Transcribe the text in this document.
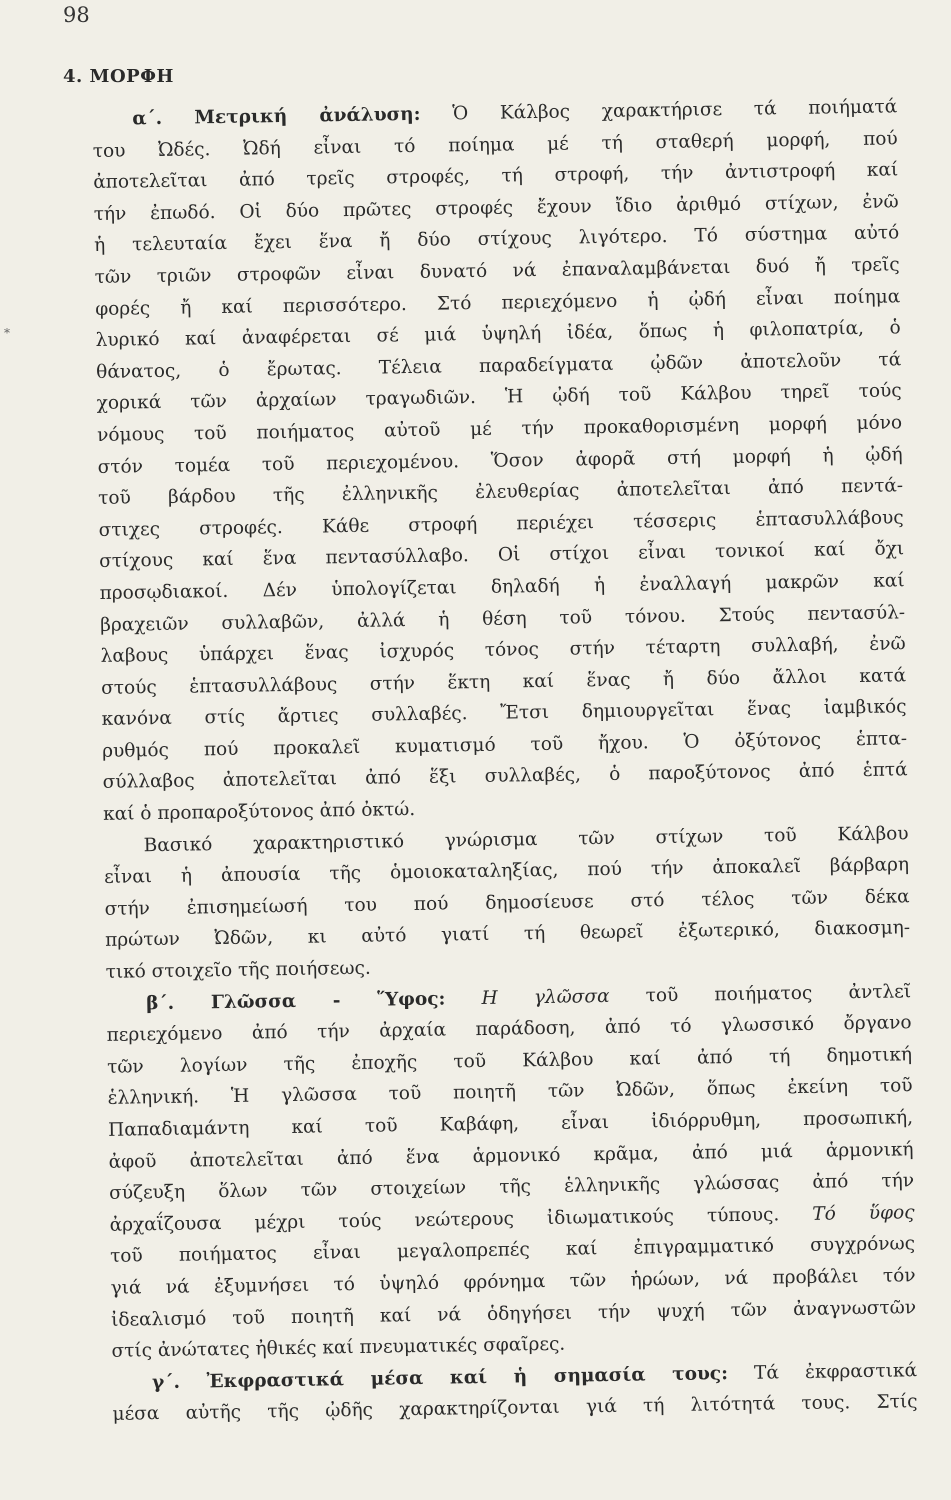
98
4. ΜΟΡΦΗ
*
α΄. Μετρική ἀνάλυση: Ὁ Κάλβος χαρακτήρισε τά ποιήματά
του Ὠδές. Ὠδή εἶναι τό ποίημα μέ τή σταθερή μορφή, πού
ἀποτελεῖται ἀπό τρεῖς στροφές, τή στροφή, τήν ἀντιστροφή καί
τήν ἐπωδό. Οἱ δύο πρῶτες στροφές ἔχουν ἴδιο ἀριθμό στίχων, ἐνῶ
ἡ τελευταία ἔχει ἕνα ἤ δύο στίχους λιγότερο. Τό σύστημα αὐτό
τῶν τριῶν στροφῶν εἶναι δυνατό νά ἐπαναλαμβάνεται δυό ἤ τρεῖς
φορές ἤ καί περισσότερο. Στό περιεχόμενο ἡ ᾠδή εἶναι ποίημα
λυρικό καί ἀναφέρεται σέ μιά ὑψηλή ἰδέα, ὅπως ἡ φιλοπατρία, ὁ
θάνατος, ὁ ἔρωτας. Τέλεια παραδείγματα ᾠδῶν ἀποτελοῦν τά
χορικά τῶν ἀρχαίων τραγωδιῶν. Ἡ ᾠδή τοῦ Κάλβου τηρεῖ τούς
νόμους τοῦ ποιήματος αὐτοῦ μέ τήν προκαθορισμένη μορφή μόνο
στόν τομέα τοῦ περιεχομένου. Ὅσον ἀφορᾶ στή μορφή ἡ ᾠδή
τοῦ βάρδου τῆς ἐλληνικῆς ἐλευθερίας ἀποτελεῖται ἀπό πεντά-
στιχες στροφές. Κάθε στροφή περιέχει τέσσερις ἑπτασυλλάβους
στίχους καί ἕνα πεντασύλλαβο. Οἱ στίχοι εἶναι τονικοί καί ὄχι
προσῳδιακοί. Δέν ὑπολογίζεται δηλαδή ἡ ἐναλλαγή μακρῶν καί
βραχειῶν συλλαβῶν, ἀλλά ἡ θέση τοῦ τόνου. Στούς πεντασύλ-
λαβους ὑπάρχει ἕνας ἰσχυρός τόνος στήν τέταρτη συλλαβή, ἐνῶ
στούς ἑπτασυλλάβους στήν ἕκτη καί ἕνας ἤ δύο ἄλλοι κατά
κανόνα στίς ἄρτιες συλλαβές. Ἔτσι δημιουργεῖται ἕνας ἰαμβικός
ρυθμός πού προκαλεῖ κυματισμό τοῦ ἤχου. Ὁ ὀξύτονος ἑπτα-
σύλλαβος ἀποτελεῖται ἀπό ἕξι συλλαβές, ὁ παροξύτονος ἀπό ἑπτά
καί ὁ προπαροξύτονος ἀπό ὀκτώ.
Βασικό χαρακτηριστικό γνώρισμα τῶν στίχων τοῦ Κάλβου
εἶναι ἡ ἀπουσία τῆς ὁμοιοκαταληξίας, πού τήν ἀποκαλεῖ βάρβαρη
στήν ἐπισημείωσή του πού δημοσίευσε στό τέλος τῶν δέκα
πρώτων Ὠδῶν, κι αὐτό γιατί τή θεωρεῖ ἐξωτερικό, διακοσμη-
τικό στοιχεῖο τῆς ποιήσεως.
β΄. Γλῶσσα - Ὕφος: Η γλῶσσα τοῦ ποιήματος ἀντλεῖ
περιεχόμενο ἀπό τήν ἀρχαία παράδοση, ἀπό τό γλωσσικό ὄργανο
τῶν λογίων τῆς ἐποχῆς τοῦ Κάλβου καί ἀπό τή δημοτική
ἑλληνική. Ἡ γλῶσσα τοῦ ποιητῆ τῶν Ὠδῶν, ὅπως ἐκείνη τοῦ
Παπαδιαμάντη καί τοῦ Καβάφη, εἶναι ἰδιόρρυθμη, προσωπική,
ἀφοῦ ἀποτελεῖται ἀπό ἕνα ἁρμονικό κρᾶμα, ἀπό μιά ἁρμονική
σύζευξη ὅλων τῶν στοιχείων τῆς ἑλληνικῆς γλώσσας ἀπό τήν
ἀρχαΐζουσα μέχρι τούς νεώτερους ἰδιωματικούς τύπους. Τό ὕφος
τοῦ ποιήματος εἶναι μεγαλοπρεπές καί ἐπιγραμματικό συγχρόνως
γιά νά ἐξυμνήσει τό ὑψηλό φρόνημα τῶν ἡρώων, νά προβάλει τόν
ἰδεαλισμό τοῦ ποιητῆ καί νά ὁδηγήσει τήν ψυχή τῶν ἀναγνωστῶν
στίς ἀνώτατες ἠθικές καί πνευματικές σφαῖρες.
γ΄. Ἐκφραστικά μέσα καί ἡ σημασία τους: Τά ἐκφραστικά
μέσα αὐτῆς τῆς ᾠδῆς χαρακτηρίζονται γιά τή λιτότητά τους. Στίς
